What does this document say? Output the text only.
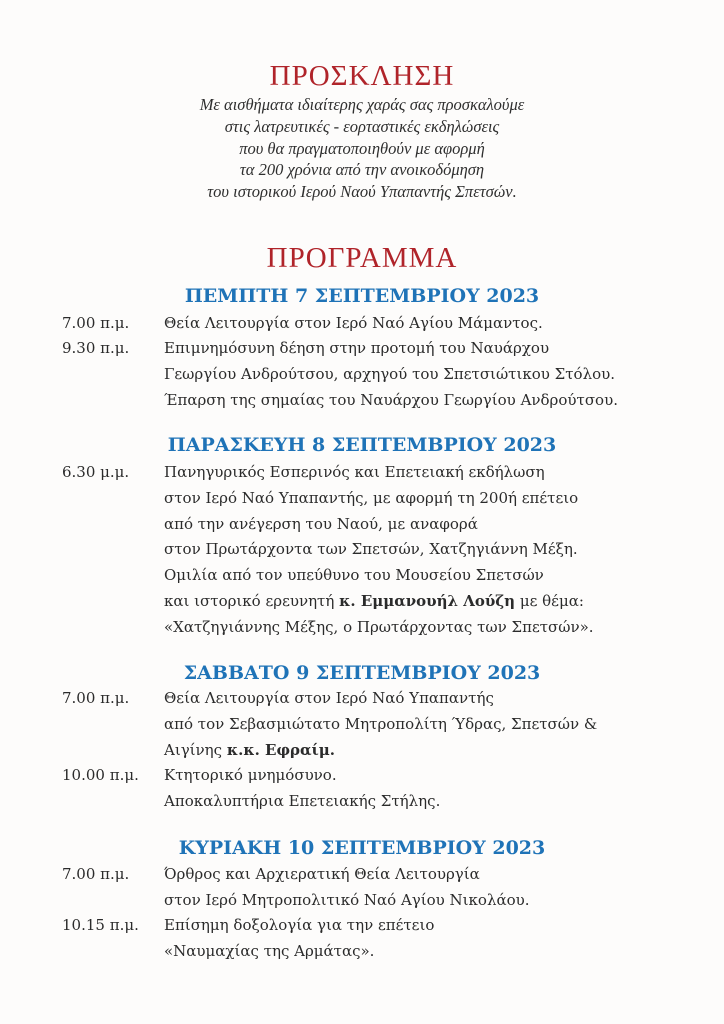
ΠΡΟΣΚΛΗΣΗ
Με αισθήματα ιδιαίτερης χαράς σας προσκαλούμε
στις λατρευτικές - εορταστικές εκδηλώσεις
που θα πραγματοποιηθούν με αφορμή
τα 200 χρόνια από την ανοικοδόμηση
του ιστορικού Ιερού Ναού Υπαπαντής Σπετσών.
ΠΡΟΓΡΑΜΜΑ
ΠΕΜΠΤΗ 7 ΣΕΠΤΕΜΒΡΙΟΥ 2023
7.00 π.μ. Θεία Λειτουργία στον Ιερό Ναό Αγίου Μάμαντος.
9.30 π.μ. Επιμνημόσυνη δέηση στην προτομή του Ναυάρχου
Γεωργίου Ανδρούτσου, αρχηγού του Σπετσιώτικου Στόλου.
Έπαρση της σημαίας του Ναυάρχου Γεωργίου Ανδρούτσου.
ΠΑΡΑΣΚΕΥΗ 8 ΣΕΠΤΕΜΒΡΙΟΥ 2023
6.30 μ.μ. Πανηγυρικός Εσπερινός και Επετειακή εκδήλωση
στον Ιερό Ναό Υπαπαντής, με αφορμή τη 200ή επέτειο
από την ανέγερση του Ναού, με αναφορά
στον Πρωτάρχοντα των Σπετσών, Χατζηγιάννη Μέξη.
Ομιλία από τον υπεύθυνο του Μουσείου Σπετσών
και ιστορικό ερευνητή κ. Εμμανουήλ Λούζη με θέμα:
«Χατζηγιάννης Μέξης, ο Πρωτάρχοντας των Σπετσών».
ΣΑΒΒΑΤΟ 9 ΣΕΠΤΕΜΒΡΙΟΥ 2023
7.00 π.μ. Θεία Λειτουργία στον Ιερό Ναό Υπαπαντής
από τον Σεβασμιώτατο Μητροπολίτη Ύδρας, Σπετσών &
Αιγίνης κ.κ. Εφραίμ.
10.00 π.μ. Κτητορικό μνημόσυνο.
Αποκαλυπτήρια Επετειακής Στήλης.
ΚΥΡΙΑΚΗ 10 ΣΕΠΤΕΜΒΡΙΟΥ 2023
7.00 π.μ. Όρθρος και Αρχιερατική Θεία Λειτουργία
στον Ιερό Μητροπολιτικό Ναό Αγίου Νικολάου.
10.15 π.μ. Επίσημη δοξολογία για την επέτειο
«Ναυμαχίας της Αρμάτας».
